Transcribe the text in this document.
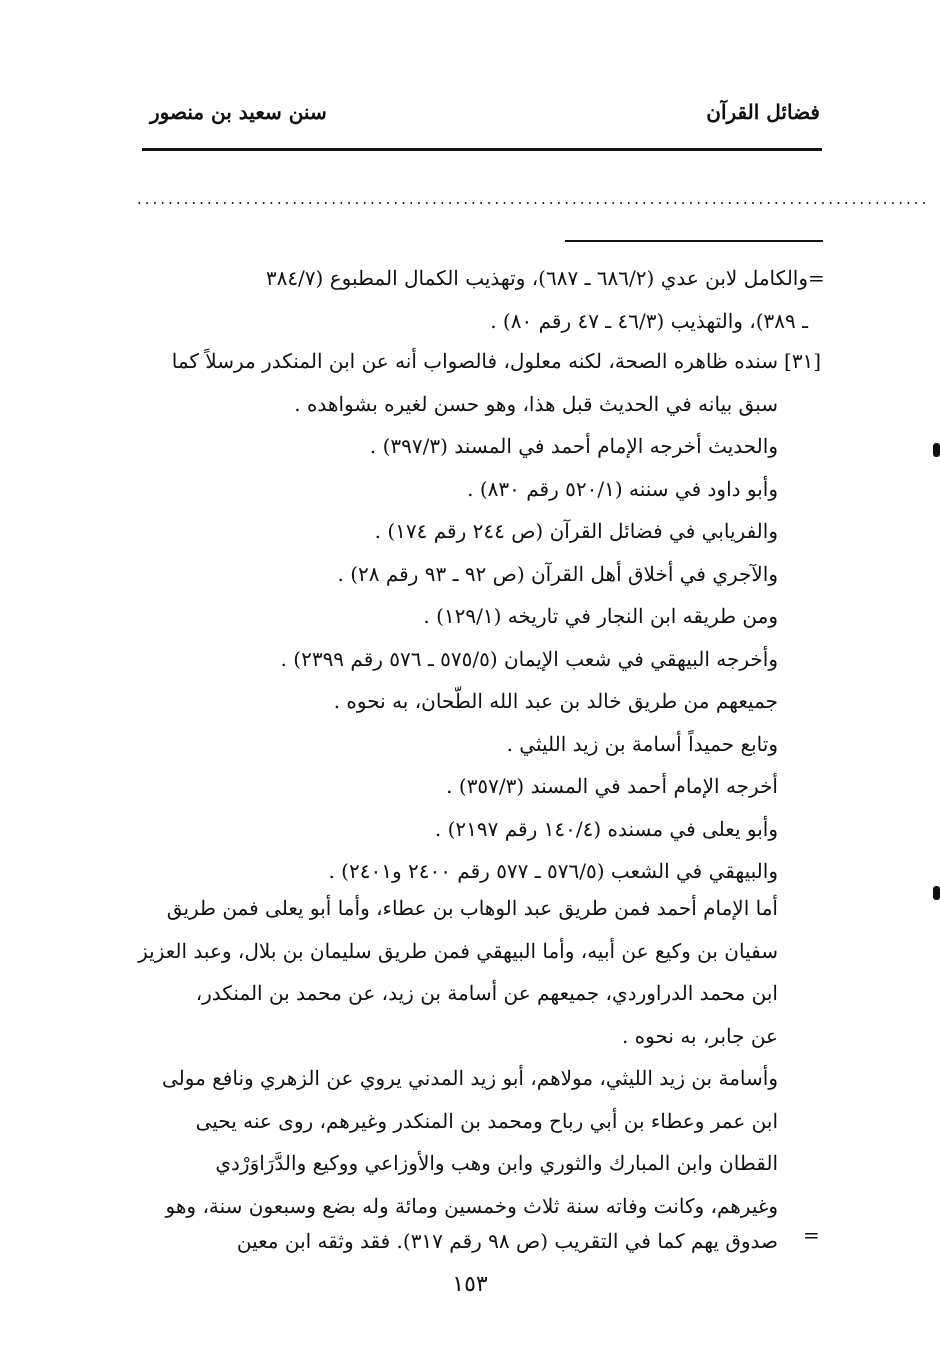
فضائل القرآن
سنن سعيد بن منصور
......................................................................................................
=
[٣١]
=
والكامل لابن عدي (٦٨٦/٢ ـ ٦٨٧)، وتهذيب الكمال المطبوع (٣٨٤/٧
ـ ٣٨٩)، والتهذيب (٤٦/٣ ـ ٤٧ رقم ٨٠) .
سنده ظاهره الصحة، لكنه معلول، فالصواب أنه عن ابن المنكدر مرسلاً كما
سبق بيانه في الحديث قبل هذا، وهو حسن لغيره بشواهده .
والحديث أخرجه الإمام أحمد في المسند (٣٩٧/٣) .
وأبو داود في سننه (٥٢٠/١ رقم ٨٣٠) .
والفريابي في فضائل القرآن (ص ٢٤٤ رقم ١٧٤) .
والآجري في أخلاق أهل القرآن (ص ٩٢ ـ ٩٣ رقم ٢٨) .
ومن طريقه ابن النجار في تاريخه (١٢٩/١) .
وأخرجه البيهقي في شعب الإيمان (٥٧٥/٥ ـ ٥٧٦ رقم ٢٣٩٩) .
جميعهم من طريق خالد بن عبد الله الطّحان، به نحوه .
وتابع حميداً أسامة بن زيد الليثي .
أخرجه الإمام أحمد في المسند (٣٥٧/٣) .
وأبو يعلى في مسنده (١٤٠/٤ رقم ٢١٩٧) .
والبيهقي في الشعب (٥٧٦/٥ ـ ٥٧٧ رقم ٢٤٠٠ و٢٤٠١) .
أما الإمام أحمد فمن طريق عبد الوهاب بن عطاء، وأما أبو يعلى فمن طريق
سفيان بن وكيع عن أبيه، وأما البيهقي فمن طريق سليمان بن بلال، وعبد العزيز
ابن محمد الدراوردي، جميعهم عن أسامة بن زيد، عن محمد بن المنكدر،
عن جابر، به نحوه .
وأسامة بن زيد الليثي، مولاهم، أبو زيد المدني يروي عن الزهري ونافع مولى
ابن عمر وعطاء بن أبي رباح ومحمد بن المنكدر وغيرهم، روى عنه يحيى
القطان وابن المبارك والثوري وابن وهب والأوزاعي ووكيع والدَّرَاوَرْدي
وغيرهم، وكانت وفاته سنة ثلاث وخمسين ومائة وله بضع وسبعون سنة، وهو
صدوق يهم كما في التقريب (ص ٩٨ رقم ٣١٧). فقد وثقه ابن معين
١٥٣
